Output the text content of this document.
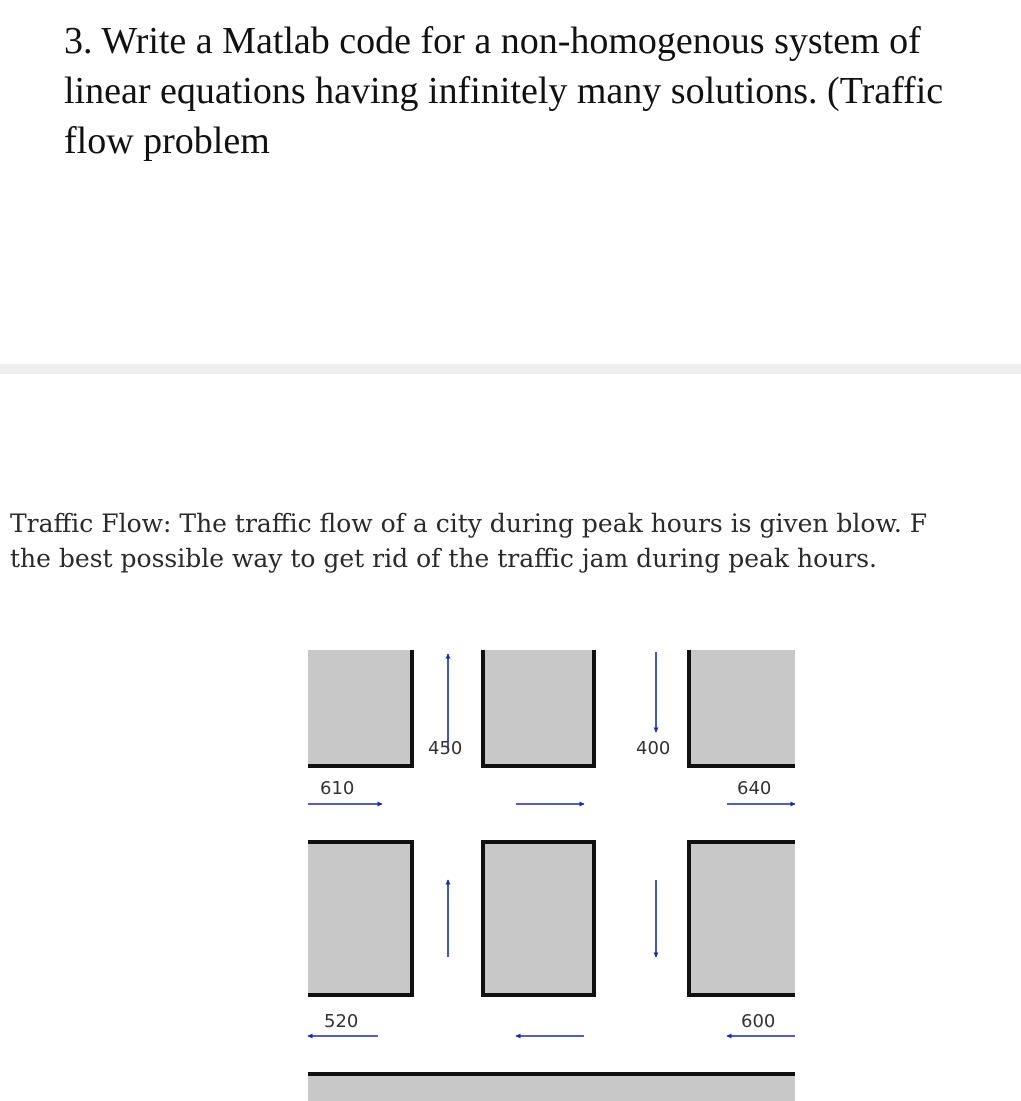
3. Write a Matlab code for a non-homogenous system of linear equations having infinitely many solutions. (Traffic flow problem

Traffic Flow: The traffic flow of a city during peak hours is given blow. F
the best possible way to get rid of the traffic jam during peak hours.

450	400
610	640
520	600
